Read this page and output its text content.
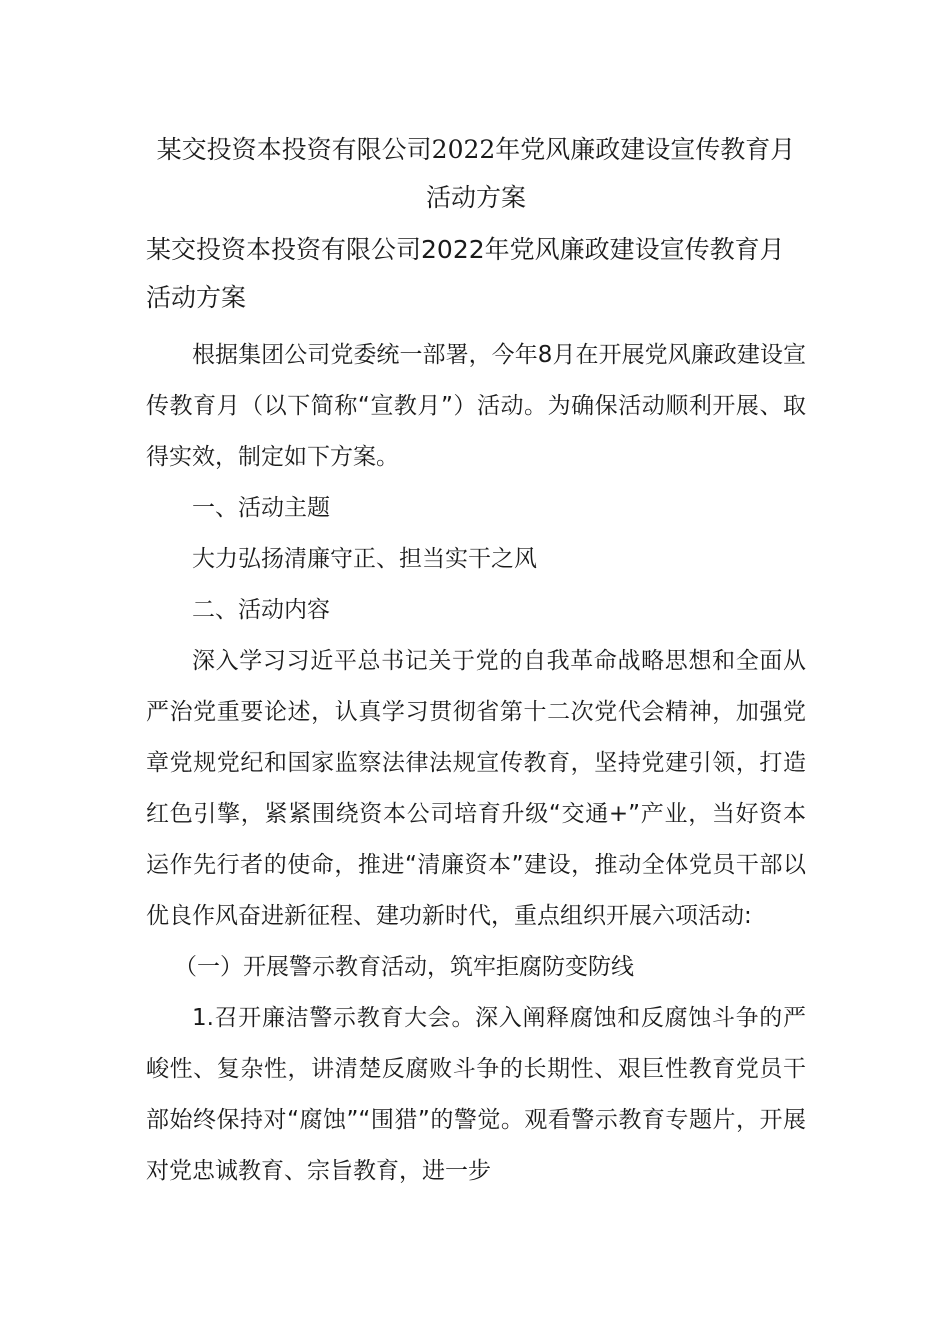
某交投资本投资有限公司2022年党风廉政建设宣传教育月
活动方案

某交投资本投资有限公司2022年党风廉政建设宣传教育月活动方案

根据集团公司党委统一部署，今年8月在开展党风廉政建设宣传教育月（以下简称“宣教月”）活动。为确保活动顺利开展、取得实效，制定如下方案。

一、活动主题

大力弘扬清廉守正、担当实干之风

二、活动内容

深入学习习近平总书记关于党的自我革命战略思想和全面从严治党重要论述，认真学习贯彻省第十二次党代会精神，加强党章党规党纪和国家监察法律法规宣传教育，坚持党建引领，打造红色引擎，紧紧围绕资本公司培育升级“交通+”产业，当好资本运作先行者的使命，推进“清廉资本”建设，推动全体党员干部以优良作风奋进新征程、建功新时代，重点组织开展六项活动:

（一）开展警示教育活动，筑牢拒腐防变防线

1.召开廉洁警示教育大会。深入阐释腐蚀和反腐蚀斗争的严峻性、复杂性，讲清楚反腐败斗争的长期性、艰巨性教育党员干部始终保持对“腐蚀”“围猎”的警觉。观看警示教育专题片，开展对党忠诚教育、宗旨教育，进一步
